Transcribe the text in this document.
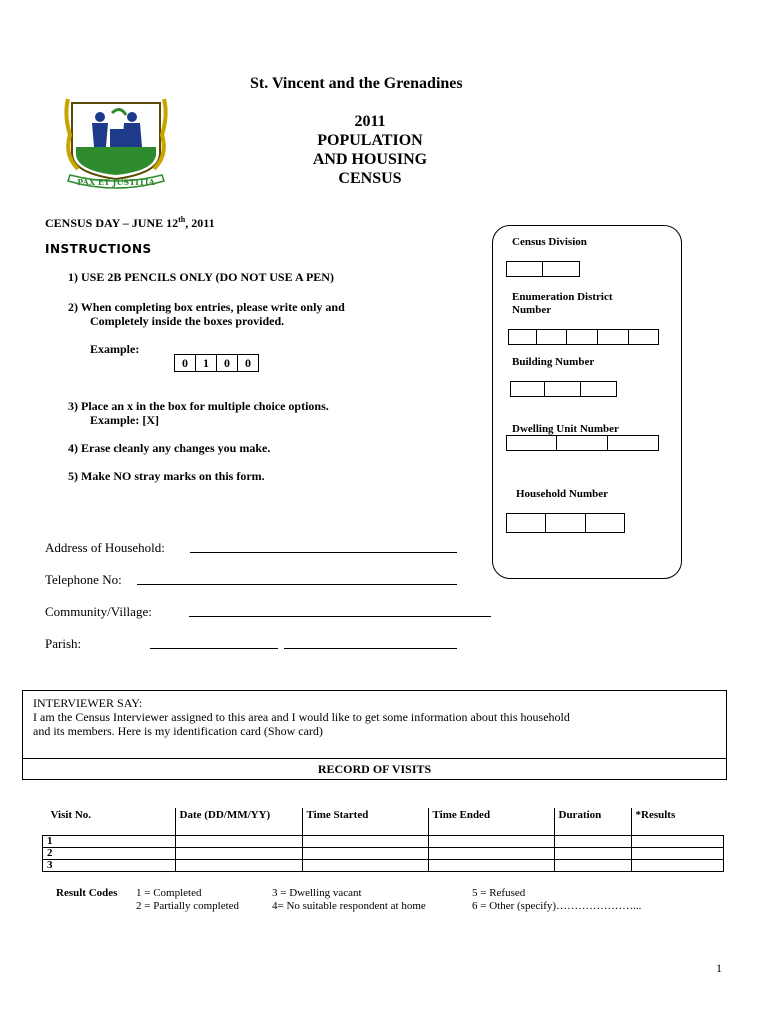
PAX ET JUSTITIA
St. Vincent and the Grenadines
2011
POPULATION
AND HOUSING
CENSUS
CENSUS DAY – JUNE 12th, 2011
INSTRUCTIONS
1) USE 2B PENCILS ONLY (DO NOT USE A PEN)
2) When completing box entries, please write only and
Completely inside the boxes provided.
Example:
0	1	0	0
3) Place an x in the box for multiple choice options.
Example: [X]
4) Erase cleanly any changes you make.
5) Make NO stray marks on this form.
Census Division
Enumeration District
Number
Building Number
Dwelling Unit Number
Household Number
Address of Household:
Telephone No:
Community/Village:
Parish:
INTERVIEWER SAY:
I am the Census Interviewer assigned to this area and I would like to get some information about this household
and its members. Here is my identification card (Show card)
RECORD OF VISITS
Visit No.	Date (DD/MM/YY)	Time Started	Time Ended	Duration	*Results
1					
2					
3					
Result Codes 1 = Completed
2 = Partially completed
3 = Dwelling vacant
4= No suitable respondent at home
5 = Refused
6 = Other (specify)…………………...
1
